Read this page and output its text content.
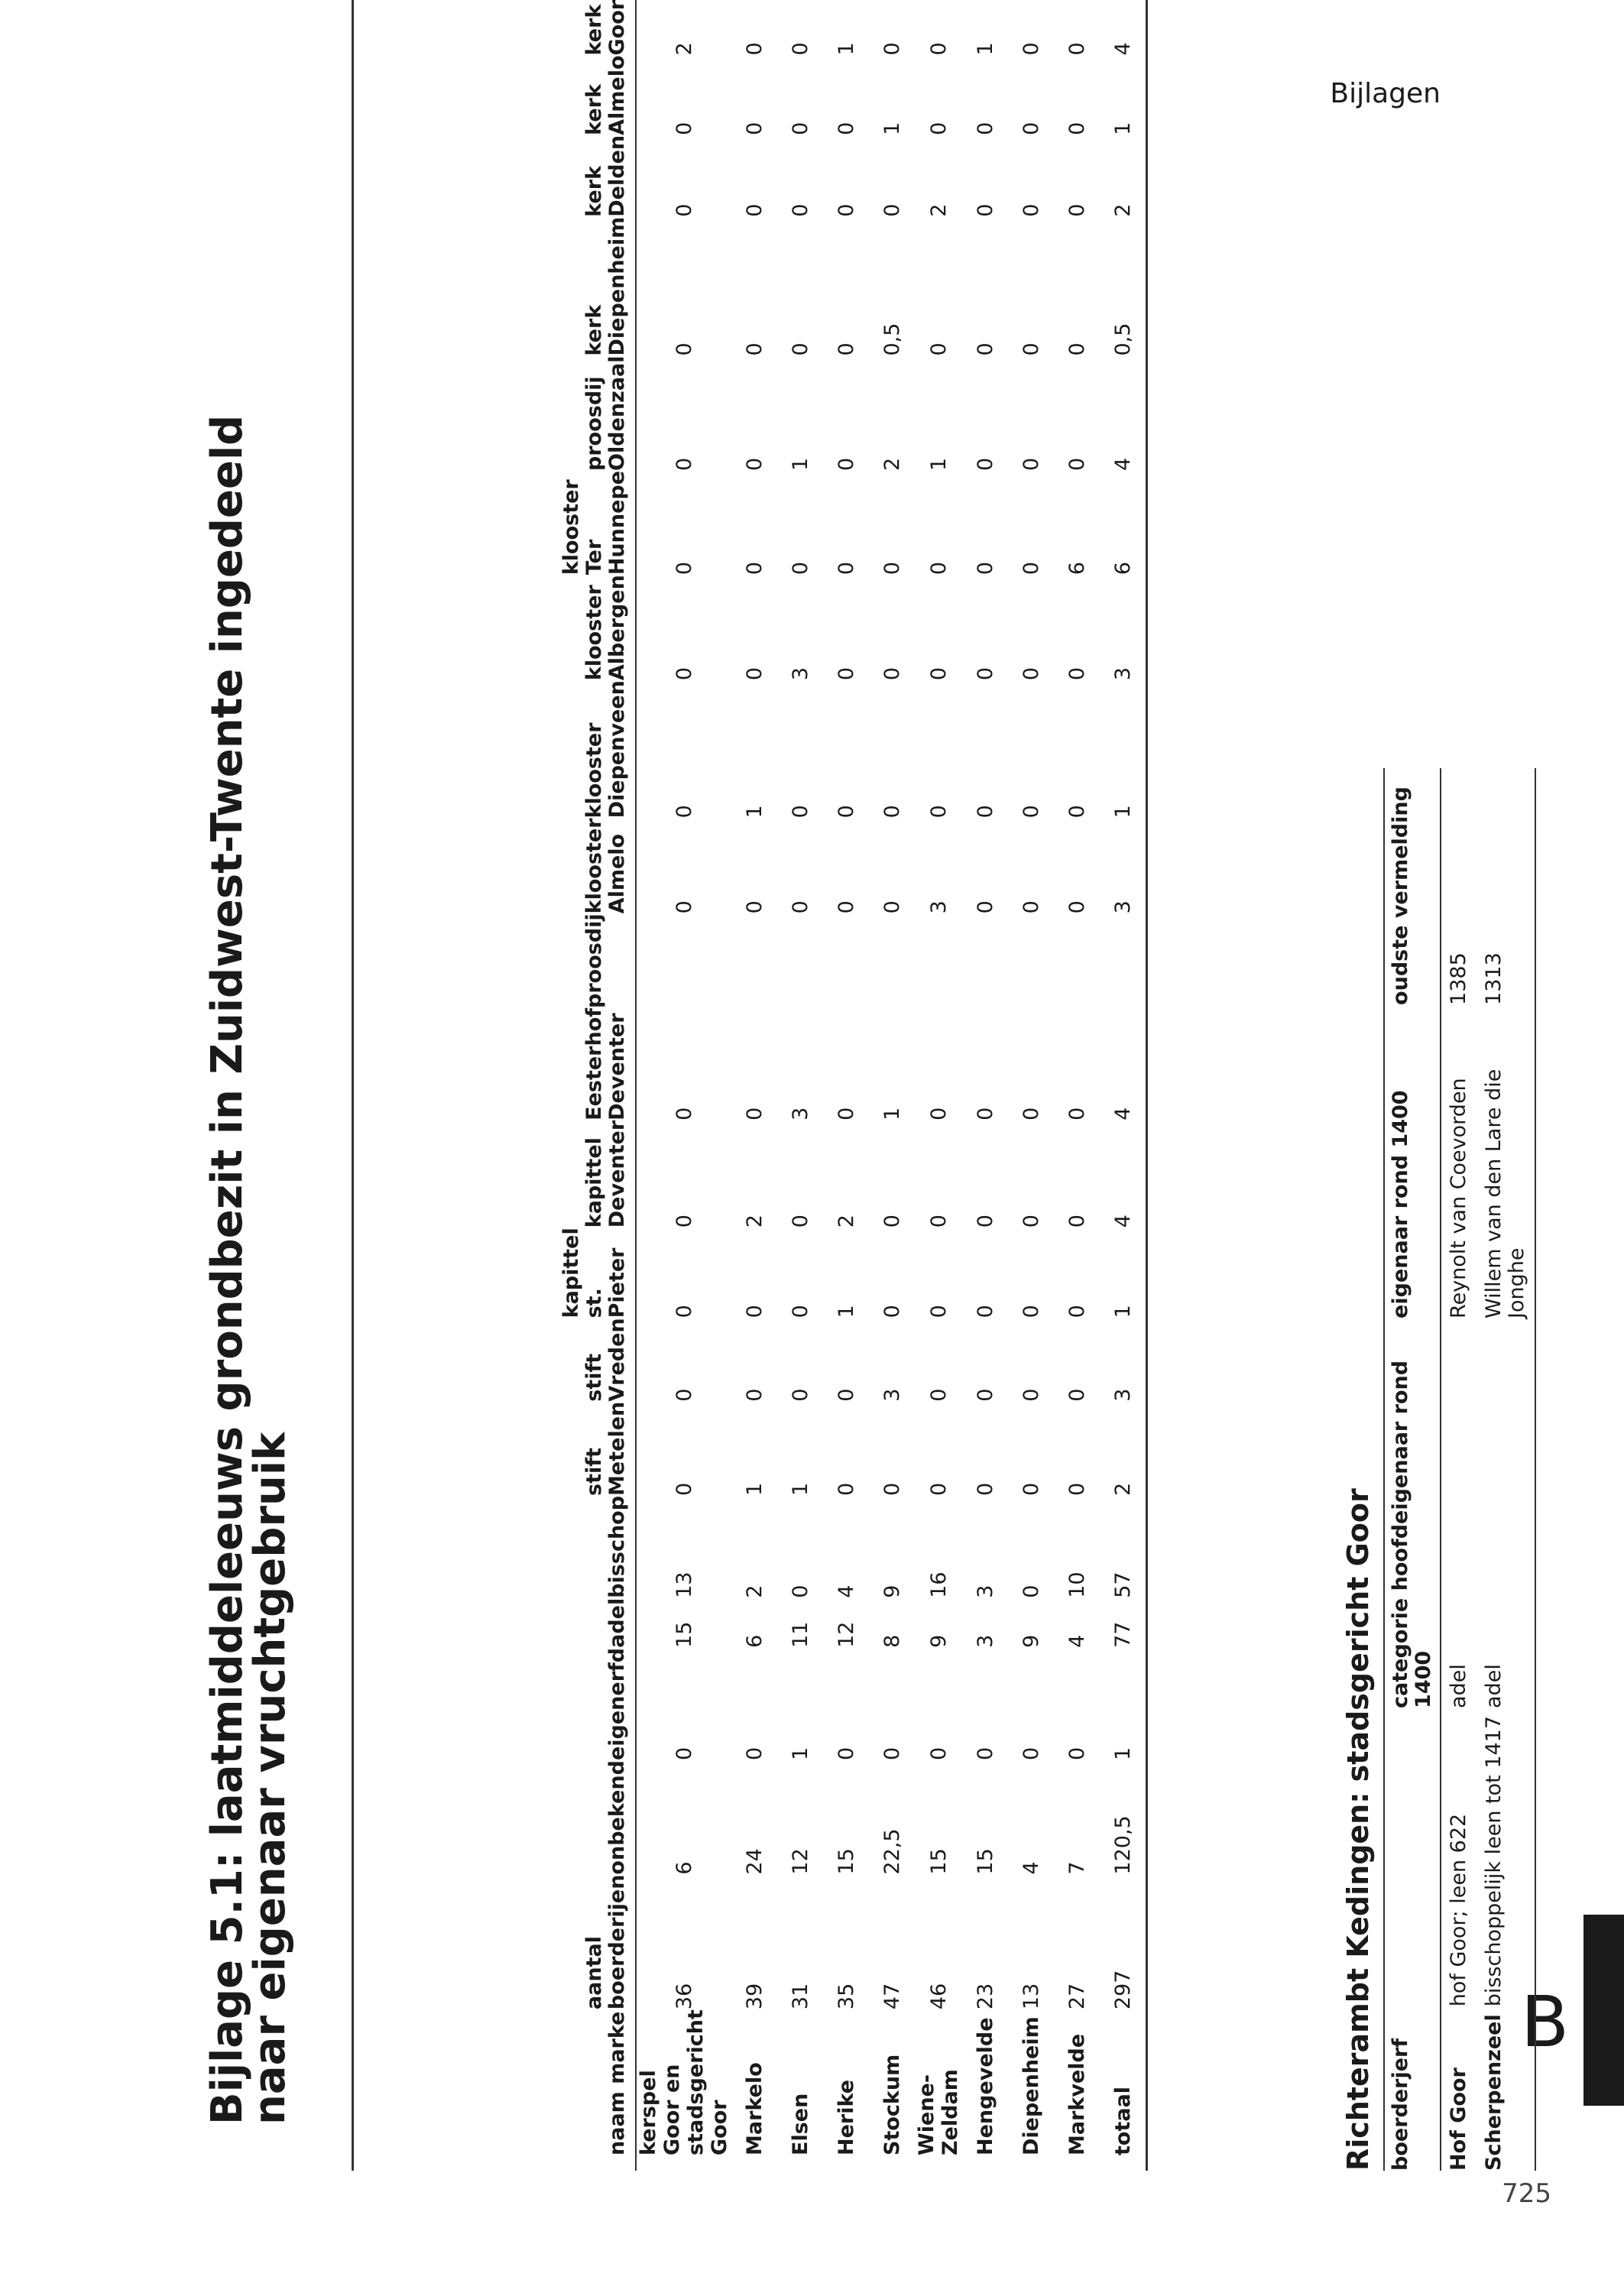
Bijlagen
725
B
Bijlage 5.1: laatmiddeleeuws grondbezit in Zuidwest-Twente ingedeeld naar eigenaar vruchtgebruik	naam marke	aantal boerderijen	onbekend	eigenerfd	adel	bisschop	stift Metelen	stift Vreden	kapittel st. Pieter	kapittel Deventer	Eesterhofproosdij Deventer	klooster Almelo	klooster Diepenveen	klooster Albergen	klooster Ter Hunnepe	proosdij Oldenzaal	kerk Diepenheim	kerk Delden	kerk Almelo	kerk Goor		
kerspel Goor en stadsgericht Goor	36	6	0	15	13	0	0	0	0	0	0	0	0	0	0	0	0	0	2		
Markelo	39	24	0	6	2	1	0	0	2	0	0	1	0	0	0	0	0	0	0		
Elsen	31	12	1	11	0	1	0	0	0	3	0	0	3	0	1	0	0	0	0		
Herike	35	15	0	12	4	0	0	1	2	0	0	0	0	0	0	0	0	0	1		
Stockum	47	22,5	0	8	9	0	3	0	0	1	0	0	0	0	2	0,5	0	1	0		
Wiene-Zeldam	46	15	0	9	16	0	0	0	0	0	3	0	0	0	1	0	2	0	0		
Hengevelde	23	15	0	3	3	0	0	0	0	0	0	0	0	0	0	0	0	0	1		
Diepenheim	13	4	0	9	0	0	0	0	0	0	0	0	0	0	0	0	0	0	0		
Markvelde	27	7	0	4	10	0	0	0	0	0	0	0	0	6	0	0	0	0	0		
totaal	297	120,5	1	77	57	2	3	1	4	4	3	1	3	6	4	0,5	2	1	4		
Richterambt Kedingen: stadsgericht Goor boerderjerf		categorie hoofdeigenaar rond 1400	eigenaar rond 1400	oudste vermelding
Hof Goor	hof Goor; leen 622	adel	Reynolt van Coevorden	1385
Scherpenzeel	bisschoppelijk leen tot 1417	adel	Willem van den Lare die Jonghe	1313
